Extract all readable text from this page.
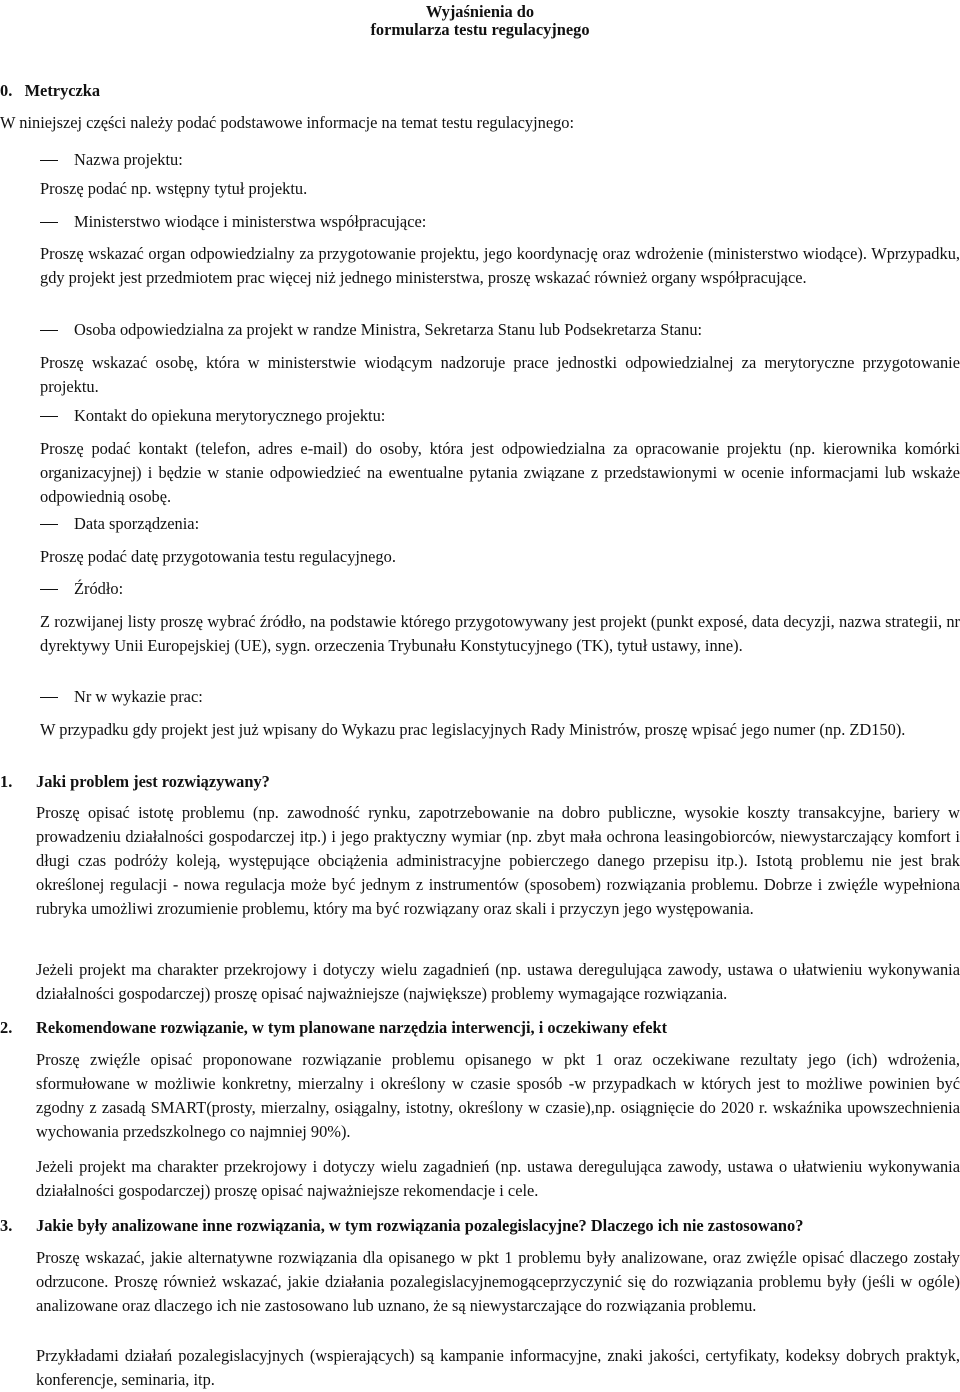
Wyjaśnienia do
formularza testu regulacyjnego
0.   Metryczka
W niniejszej części należy podać podstawowe informacje na temat testu regulacyjnego:
Nazwa projektu:
Proszę podać np. wstępny tytuł projektu.
Ministerstwo wiodące i ministerstwa współpracujące:
Proszę wskazać organ odpowiedzialny za przygotowanie projektu, jego koordynację oraz wdrożenie (ministerstwo wiodące). Wprzypadku, gdy projekt jest przedmiotem prac więcej niż jednego ministerstwa, proszę wskazać również organy współpracujące.
Osoba odpowiedzialna za projekt w randze Ministra, Sekretarza Stanu lub Podsekretarza Stanu:
Proszę wskazać osobę, która w ministerstwie wiodącym nadzoruje prace jednostki odpowiedzialnej za merytoryczne przygotowanie projektu.
Kontakt do opiekuna merytorycznego projektu:
Proszę podać kontakt (telefon, adres e-mail) do osoby, która jest odpowiedzialna za opracowanie projektu (np. kierownika komórki organizacyjnej) i będzie w stanie odpowiedzieć na ewentualne pytania związane z przedstawionymi w ocenie informacjami lub wskaże odpowiednią osobę.
Data sporządzenia:
Proszę podać datę przygotowania testu regulacyjnego.
Źródło:
Z rozwijanej listy proszę wybrać źródło, na podstawie którego przygotowywany jest projekt (punkt exposé, data decyzji, nazwa strategii, nr dyrektywy Unii Europejskiej (UE), sygn. orzeczenia Trybunału Konstytucyjnego (TK), tytuł ustawy, inne).
Nr w wykazie prac:
W przypadku gdy projekt jest już wpisany do Wykazu prac legislacyjnych Rady Ministrów, proszę wpisać jego numer (np. ZD150).
1. Jaki problem jest rozwiązywany?
Proszę opisać istotę problemu (np. zawodność rynku, zapotrzebowanie na dobro publiczne, wysokie koszty transakcyjne, bariery w prowadzeniu działalności gospodarczej itp.) i jego praktyczny wymiar (np. zbyt mała ochrona leasingobiorców, niewystarczający komfort i długi czas podróży koleją, występujące obciążenia administracyjne pobierczego danego przepisu itp.). Istotą problemu nie jest brak określonej regulacji - nowa regulacja może być jednym z instrumentów (sposobem) rozwiązania problemu. Dobrze i zwięźle wypełniona rubryka umożliwi zrozumienie problemu, który ma być rozwiązany oraz skali i przyczyn jego występowania.
Jeżeli projekt ma charakter przekrojowy i dotyczy wielu zagadnień (np. ustawa deregulująca zawody, ustawa o ułatwieniu wykonywania działalności gospodarczej) proszę opisać najważniejsze (największe) problemy wymagające rozwiązania.
2. Rekomendowane rozwiązanie, w tym planowane narzędzia interwencji, i oczekiwany efekt
Proszę zwięźle opisać proponowane rozwiązanie problemu opisanego w pkt 1 oraz oczekiwane rezultaty jego (ich) wdrożenia, sformułowane w możliwie konkretny, mierzalny i określony w czasie sposób -w przypadkach w których jest to możliwe powinien być zgodny z zasadą SMART(prosty, mierzalny, osiągalny, istotny, określony w czasie),np. osiągnięcie do 2020 r. wskaźnika upowszechnienia wychowania przedszkolnego co najmniej 90%).
Jeżeli projekt ma charakter przekrojowy i dotyczy wielu zagadnień (np. ustawa deregulująca zawody, ustawa o ułatwieniu wykonywania działalności gospodarczej) proszę opisać najważniejsze rekomendacje i cele.
3. Jakie były analizowane inne rozwiązania, w tym rozwiązania pozalegislacyjne? Dlaczego ich nie zastosowano?
Proszę wskazać, jakie alternatywne rozwiązania dla opisanego w pkt 1 problemu były analizowane, oraz zwięźle opisać dlaczego zostały odrzucone. Proszę również wskazać, jakie działania pozalegislacyjnemogąceprzyczynić się do rozwiązania problemu były (jeśli w ogóle) analizowane oraz dlaczego ich nie zastosowano lub uznano, że są niewystarczające do rozwiązania problemu.
Przykładami działań pozalegislacyjnych (wspierających) są kampanie informacyjne, znaki jakości, certyfikaty, kodeksy dobrych praktyk, konferencje, seminaria, itp.
